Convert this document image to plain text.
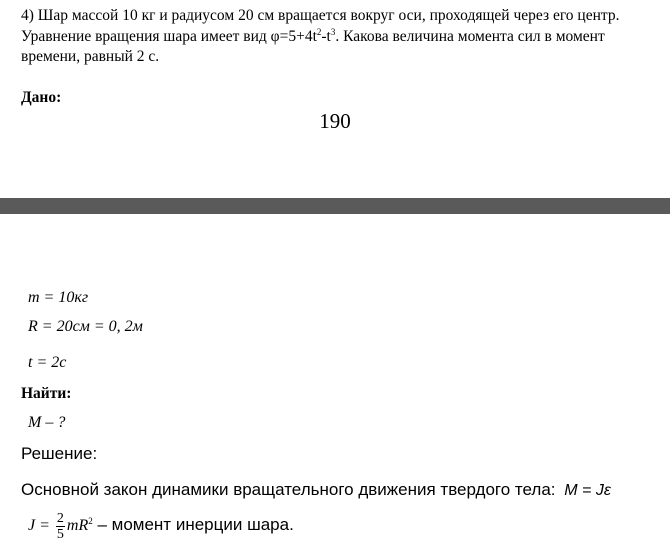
4) Шар массой 10 кг и радиусом 20 см вращается вокруг оси, проходящей через его центр. Уравнение вращения шара имеет вид $\varphi=5+4t^2-t^3$. Какова величина момента сил в момент времени, равный 2 с.
Дано:
190
m = 10кг
R = 20см = 0, 2м
t = 2с
Найти:
M – ?
Решение:
Основной закон динамики вращательного движения твердого тела: M = Jε
$J = \frac{2}{5} mR^2$ – момент инерции шара.
